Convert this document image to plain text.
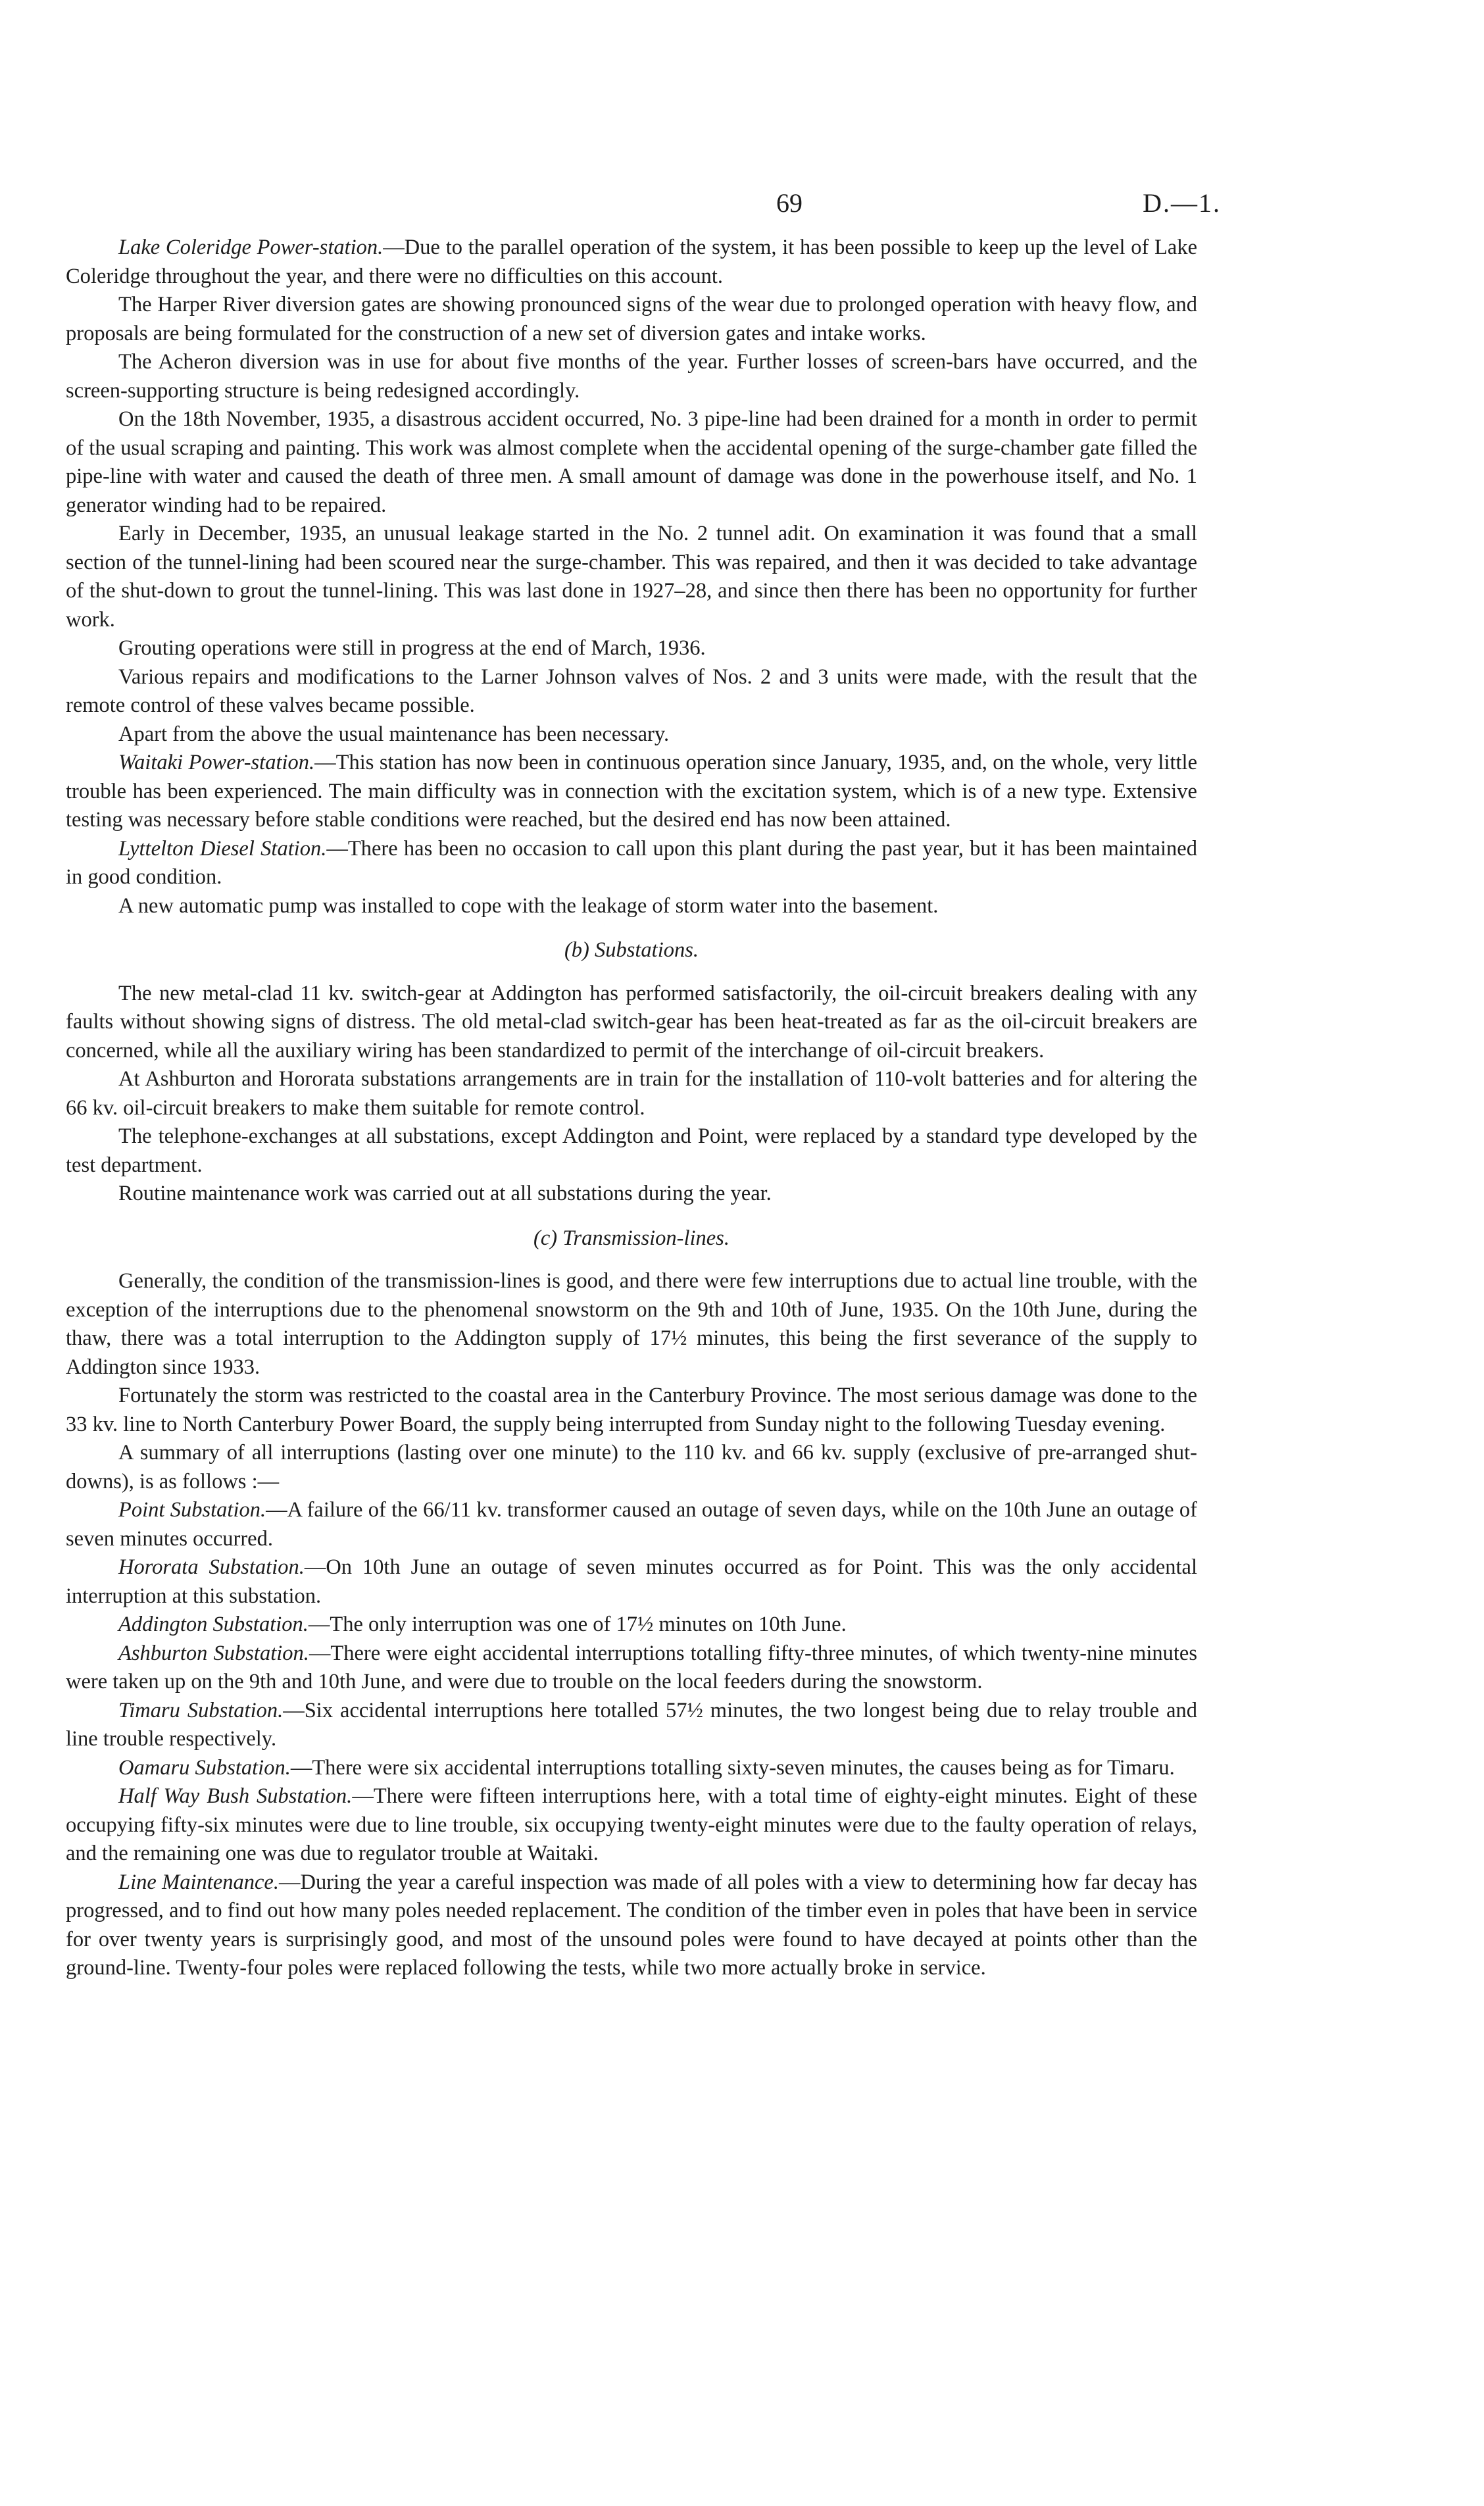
69	D.—1.

Lake Coleridge Power-station.—Due to the parallel operation of the system, it has been possible to keep up the level of Lake Coleridge throughout the year, and there were no difficulties on this account.

The Harper River diversion gates are showing pronounced signs of the wear due to prolonged operation with heavy flow, and proposals are being formulated for the construction of a new set of diversion gates and intake works.

The Acheron diversion was in use for about five months of the year. Further losses of screen-bars have occurred, and the screen-supporting structure is being redesigned accordingly.

On the 18th November, 1935, a disastrous accident occurred, No. 3 pipe-line had been drained for a month in order to permit of the usual scraping and painting. This work was almost complete when the accidental opening of the surge-chamber gate filled the pipe-line with water and caused the death of three men. A small amount of damage was done in the powerhouse itself, and No. 1 generator winding had to be repaired.

Early in December, 1935, an unusual leakage started in the No. 2 tunnel adit. On examination it was found that a small section of the tunnel-lining had been scoured near the surge-chamber. This was repaired, and then it was decided to take advantage of the shut-down to grout the tunnel-lining. This was last done in 1927–28, and since then there has been no opportunity for further work.

Grouting operations were still in progress at the end of March, 1936.

Various repairs and modifications to the Larner Johnson valves of Nos. 2 and 3 units were made, with the result that the remote control of these valves became possible.

Apart from the above the usual maintenance has been necessary.

Waitaki Power-station.—This station has now been in continuous operation since January, 1935, and, on the whole, very little trouble has been experienced. The main difficulty was in connection with the excitation system, which is of a new type. Extensive testing was necessary before stable conditions were reached, but the desired end has now been attained.

Lyttelton Diesel Station.—There has been no occasion to call upon this plant during the past year, but it has been maintained in good condition.

A new automatic pump was installed to cope with the leakage of storm water into the basement.

(b) Substations.

The new metal-clad 11 kv. switch-gear at Addington has performed satisfactorily, the oil-circuit breakers dealing with any faults without showing signs of distress. The old metal-clad switch-gear has been heat-treated as far as the oil-circuit breakers are concerned, while all the auxiliary wiring has been standardized to permit of the interchange of oil-circuit breakers.

At Ashburton and Hororata substations arrangements are in train for the installation of 110-volt batteries and for altering the 66 kv. oil-circuit breakers to make them suitable for remote control.

The telephone-exchanges at all substations, except Addington and Point, were replaced by a standard type developed by the test department.

Routine maintenance work was carried out at all substations during the year.

(c) Transmission-lines.

Generally, the condition of the transmission-lines is good, and there were few interruptions due to actual line trouble, with the exception of the interruptions due to the phenomenal snowstorm on the 9th and 10th of June, 1935. On the 10th June, during the thaw, there was a total interruption to the Addington supply of 17½ minutes, this being the first severance of the supply to Addington since 1933.

Fortunately the storm was restricted to the coastal area in the Canterbury Province. The most serious damage was done to the 33 kv. line to North Canterbury Power Board, the supply being interrupted from Sunday night to the following Tuesday evening.

A summary of all interruptions (lasting over one minute) to the 110 kv. and 66 kv. supply (exclusive of pre-arranged shut-downs), is as follows :—

Point Substation.—A failure of the 66/11 kv. transformer caused an outage of seven days, while on the 10th June an outage of seven minutes occurred.

Hororata Substation.—On 10th June an outage of seven minutes occurred as for Point. This was the only accidental interruption at this substation.

Addington Substation.—The only interruption was one of 17½ minutes on 10th June.

Ashburton Substation.—There were eight accidental interruptions totalling fifty-three minutes, of which twenty-nine minutes were taken up on the 9th and 10th June, and were due to trouble on the local feeders during the snowstorm.

Timaru Substation.—Six accidental interruptions here totalled 57½ minutes, the two longest being due to relay trouble and line trouble respectively.

Oamaru Substation.—There were six accidental interruptions totalling sixty-seven minutes, the causes being as for Timaru.

Half Way Bush Substation.—There were fifteen interruptions here, with a total time of eighty-eight minutes. Eight of these occupying fifty-six minutes were due to line trouble, six occupying twenty-eight minutes were due to the faulty operation of relays, and the remaining one was due to regulator trouble at Waitaki.

Line Maintenance.—During the year a careful inspection was made of all poles with a view to determining how far decay has progressed, and to find out how many poles needed replacement. The condition of the timber even in poles that have been in service for over twenty years is surprisingly good, and most of the unsound poles were found to have decayed at points other than the ground-line. Twenty-four poles were replaced following the tests, while two more actually broke in service.
